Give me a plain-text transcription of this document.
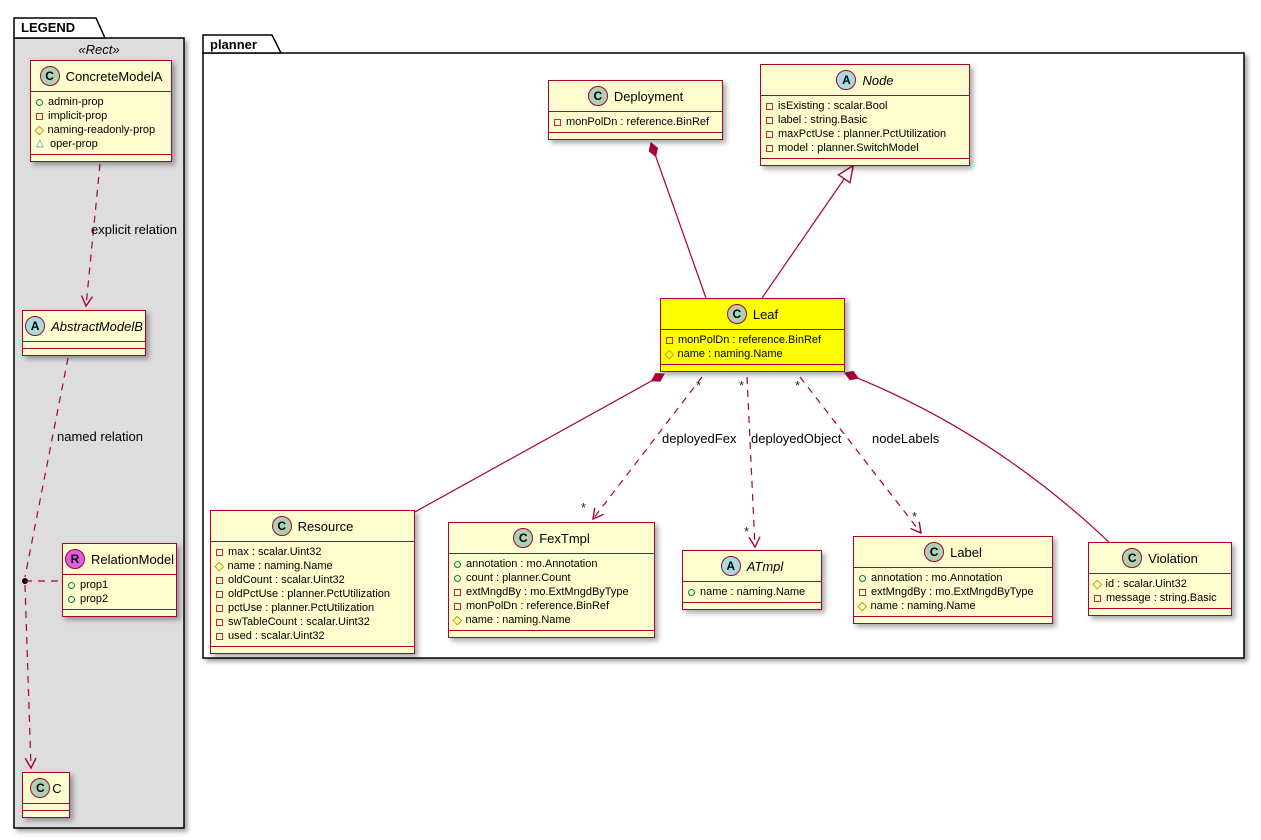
LEGEND
planner
«Rect»
explicit relation
named relation	deployedFex deployedObject nodeLabels
*	*	*
*
*
*
C ConcreteModelA
admin-prop
implicit-prop
naming-readonly-prop
△
oper-prop
A AbstractModelB
R RelationModel
prop1
prop2
C C
C Deployment
monPolDn : reference.BinRef
A Node
isExisting : scalar.Bool
label : string.Basic
maxPctUse : planner.PctUtilization
model : planner.SwitchModel
C Leaf
monPolDn : reference.BinRef
name : naming.Name
C Resource
max : scalar.Uint32
name : naming.Name
oldCount : scalar.Uint32
oldPctUse : planner.PctUtilization
pctUse : planner.PctUtilization
swTableCount : scalar.Uint32
used : scalar.Uint32
C FexTmpl
annotation : mo.Annotation
count : planner.Count
extMngdBy : mo.ExtMngdByType
monPolDn : reference.BinRef
name : naming.Name
A ATmpl
name : naming.Name
C Label
annotation : mo.Annotation
extMngdBy : mo.ExtMngdByType
name : naming.Name
C Violation
id : scalar.Uint32
message : string.Basic
